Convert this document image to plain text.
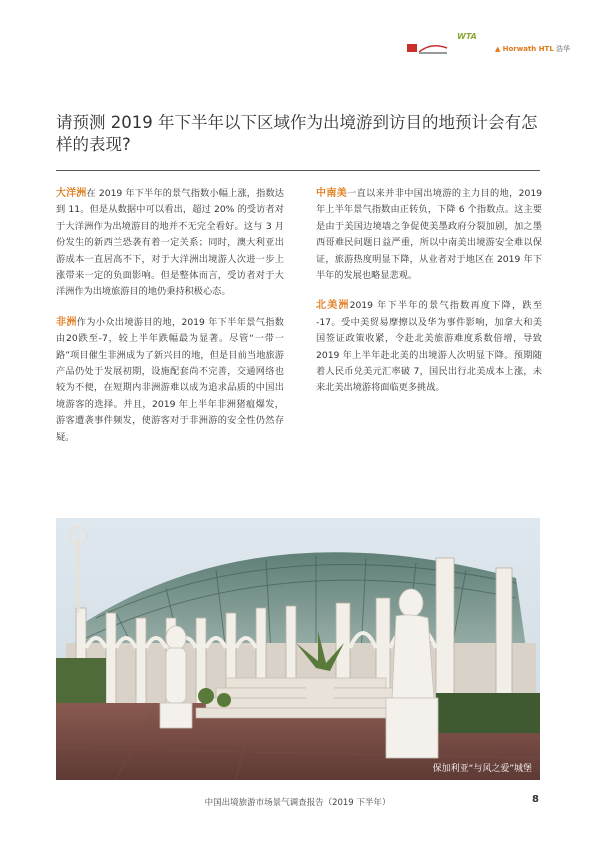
WTA
▲ Horwath HTL 浩华
请预测 2019 年下半年以下区域作为出境游到访目的地预计会有怎样的表现?

大洋洲在 2019 年下半年的景气指数小幅上涨，指数达到 11。但是从数据中可以看出，超过 20% 的受访者对于大洋洲作为出境游目的地并不无完全看好。这与 3 月份发生的新西兰恐袭有着一定关系；同时，澳大利亚出游成本一直居高不下，对于大洋洲出境游人次进一步上涨带来一定的负面影响。但是整体而言，受访者对于大洋洲作为出境旅游目的地仍秉持积极心态。

非洲作为小众出境游目的地，2019 年下半年景气指数由20跌至-7，较上半年跌幅最为显著。尽管“一带一路”项目催生非洲成为了新兴目的地，但是目前当地旅游产品仍处于发展初期，设施配套尚不完善，交通网络也较为不便，在短期内非洲游难以成为追求品质的中国出境游客的选择。并且，2019 年上半年非洲猪瘟爆发，游客遭袭事件频发，使游客对于非洲游的安全性仍然存疑。

中南美一直以来并非中国出境游的主力目的地，2019 年上半年景气指数由正转负，下降 6 个指数点。这主要是由于美国边境墙之争促使美墨政府分裂加剧，加之墨西哥难民问题日益严重，所以中南美出境游安全难以保证，旅游热度明显下降，从业者对于地区在 2019 年下半年的发展也略显悲观。

北美洲2019 年下半年的景气指数再度下降，跌至 -17。受中美贸易摩擦以及华为事件影响，加拿大和美国签证政策收紧，令赴北美旅游难度系数倍增，导致 2019 年上半年赴北美的出境游人次明显下降。预期随着人民币兑美元汇率破 7，国民出行北美成本上涨，未来北美出境游将面临更多挑战。

保加利亚“与风之爱”城堡
中国出境旅游市场景气调查报告（2019 下半年）	8
